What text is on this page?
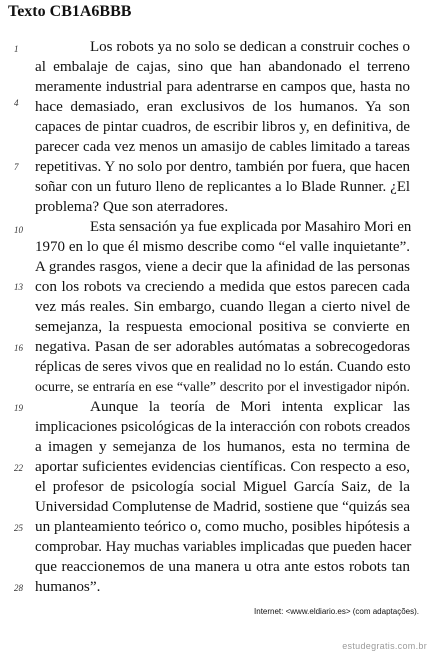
Texto CB1A6BBB
1
4
7
10
13
16
19
22
25
28
Los robots ya no solo se dedican a construir coches o
al embalaje de cajas, sino que han abandonado el terreno
meramente industrial para adentrarse en campos que, hasta no
hace demasiado, eran exclusivos de los humanos. Ya son
capaces de pintar cuadros, de escribir libros y, en definitiva, de
parecer cada vez menos un amasijo de cables limitado a tareas
repetitivas. Y no solo por dentro, también por fuera, que hacen
soñar con un futuro lleno de replicantes a lo Blade Runner. ¿El
problema? Que son aterradores.
Esta sensación ya fue explicada por Masahiro Mori en
1970 en lo que él mismo describe como “el valle inquietante”.
A grandes rasgos, viene a decir que la afinidad de las personas
con los robots va creciendo a medida que estos parecen cada
vez más reales. Sin embargo, cuando llegan a cierto nivel de
semejanza, la respuesta emocional positiva se convierte en
negativa. Pasan de ser adorables autómatas a sobrecogedoras
réplicas de seres vivos que en realidad no lo están. Cuando esto
ocurre, se entraría en ese “valle” descrito por el investigador nipón.
Aunque la teoría de Mori intenta explicar las
implicaciones psicológicas de la interacción con robots creados
a imagen y semejanza de los humanos, esta no termina de
aportar suficientes evidencias científicas. Con respecto a eso,
el profesor de psicología social Miguel García Saiz, de la
Universidad Complutense de Madrid, sostiene que “quizás sea
un planteamiento teórico o, como mucho, posibles hipótesis a
comprobar. Hay muchas variables implicadas que pueden hacer
que reaccionemos de una manera u otra ante estos robots tan
humanos”.
Internet: <www.eldiario.es> (com adaptações).
estudegratis.com.br
